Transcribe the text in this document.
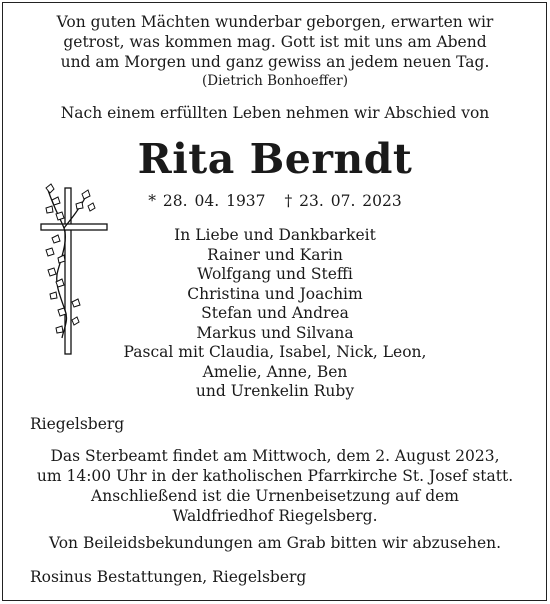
Von guten Mächten wunderbar geborgen, erwarten wir

getrost, was kommen mag. Gott ist mit uns am Abend

und am Morgen und ganz gewiss an jedem neuen Tag.

(Dietrich Bonhoeffer)

Nach einem erfüllten Leben nehmen wir Abschied von
Rita Berndt
* 28. 04. 1937 † 23. 07. 2023

In Liebe und Dankbarkeit

Rainer und Karin

Wolfgang und Steffi

Christina und Joachim

Stefan und Andrea

Markus und Silvana

Pascal mit Claudia, Isabel, Nick, Leon,

Amelie, Anne, Ben

und Urenkelin Ruby

Riegelsberg

Das Sterbeamt findet am Mittwoch, dem 2. August 2023,

um 14:00 Uhr in der katholischen Pfarrkirche St. Josef statt.

Anschließend ist die Urnenbeisetzung auf dem

Waldfriedhof Riegelsberg.

Von Beileidsbekundungen am Grab bitten wir abzusehen.
Rosinus Bestattungen, Riegelsberg
